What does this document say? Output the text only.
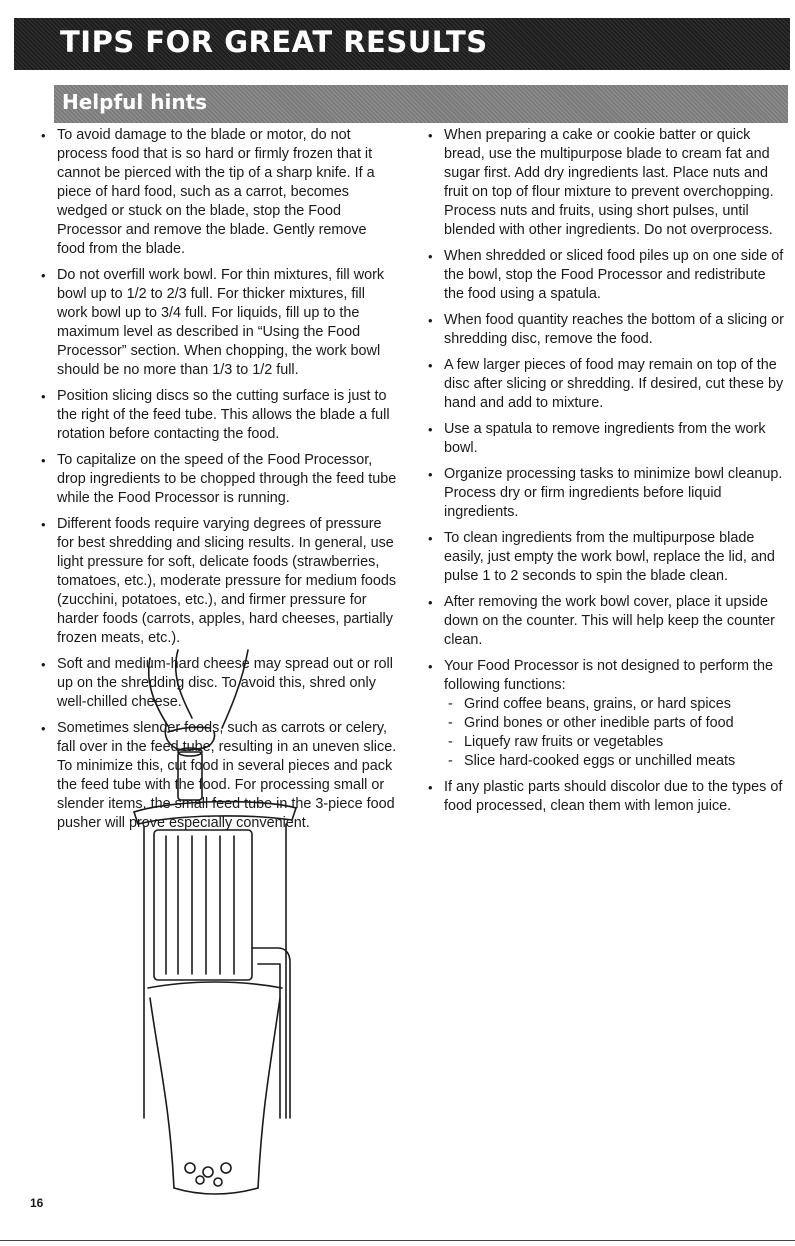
TIPS FOR GREAT RESULTS
Helpful hints
• To avoid damage to the blade or motor, do not process food that is so hard or firmly frozen that it cannot be pierced with the tip of a sharp knife. If a piece of hard food, such as a carrot, becomes wedged or stuck on the blade, stop the Food Processor and remove the blade. Gently remove food from the blade.
• Do not overfill work bowl. For thin mixtures, fill work bowl up to 1/2 to 2/3 full. For thicker mixtures, fill work bowl up to 3/4 full. For liquids, fill up to the maximum level as described in “Using the Food Processor” section. When chopping, the work bowl should be no more than 1/3 to 1/2 full.
• Position slicing discs so the cutting surface is just to the right of the feed tube. This allows the blade a full rotation before contacting the food.
• To capitalize on the speed of the Food Processor, drop ingredients to be chopped through the feed tube while the Food Processor is running.
• Different foods require varying degrees of pressure for best shredding and slicing results. In general, use light pressure for soft, delicate foods (strawberries, tomatoes, etc.), moderate pressure for medium foods (zucchini, potatoes, etc.), and firmer pressure for harder foods (carrots, apples, hard cheeses, partially frozen meats, etc.).
• Soft and medium-hard cheese may spread out or roll up on the shredding disc. To avoid this, shred only well-chilled cheese.
• Sometimes slender foods, such as carrots or celery, fall over in the feed tube, resulting in an uneven slice. To minimize this, cut food in several pieces and pack the feed tube with the food. For processing small or slender items, the small feed tube in the 3-piece food pusher will prove especially convenient.
• When preparing a cake or cookie batter or quick bread, use the multipurpose blade to cream fat and sugar first. Add dry ingredients last. Place nuts and fruit on top of flour mixture to prevent overchopping. Process nuts and fruits, using short pulses, until blended with other ingredients. Do not overprocess.
• When shredded or sliced food piles up on one side of the bowl, stop the Food Processor and redistribute the food using a spatula.
• When food quantity reaches the bottom of a slicing or shredding disc, remove the food.
• A few larger pieces of food may remain on top of the disc after slicing or shredding. If desired, cut these by hand and add to mixture.
• Use a spatula to remove ingredients from the work bowl.
• Organize processing tasks to minimize bowl cleanup. Process dry or firm ingredients before liquid ingredients.
• To clean ingredients from the multipurpose blade easily, just empty the work bowl, replace the lid, and pulse 1 to 2 seconds to spin the blade clean.
• After removing the work bowl cover, place it upside down on the counter. This will help keep the counter clean.
• Your Food Processor is not designed to perform the following functions:
- Grind coffee beans, grains, or hard spices
- Grind bones or other inedible parts of food
- Liquefy raw fruits or vegetables
- Slice hard-cooked eggs or unchilled meats
• If any plastic parts should discolor due to the types of food processed, clean them with lemon juice.
16
